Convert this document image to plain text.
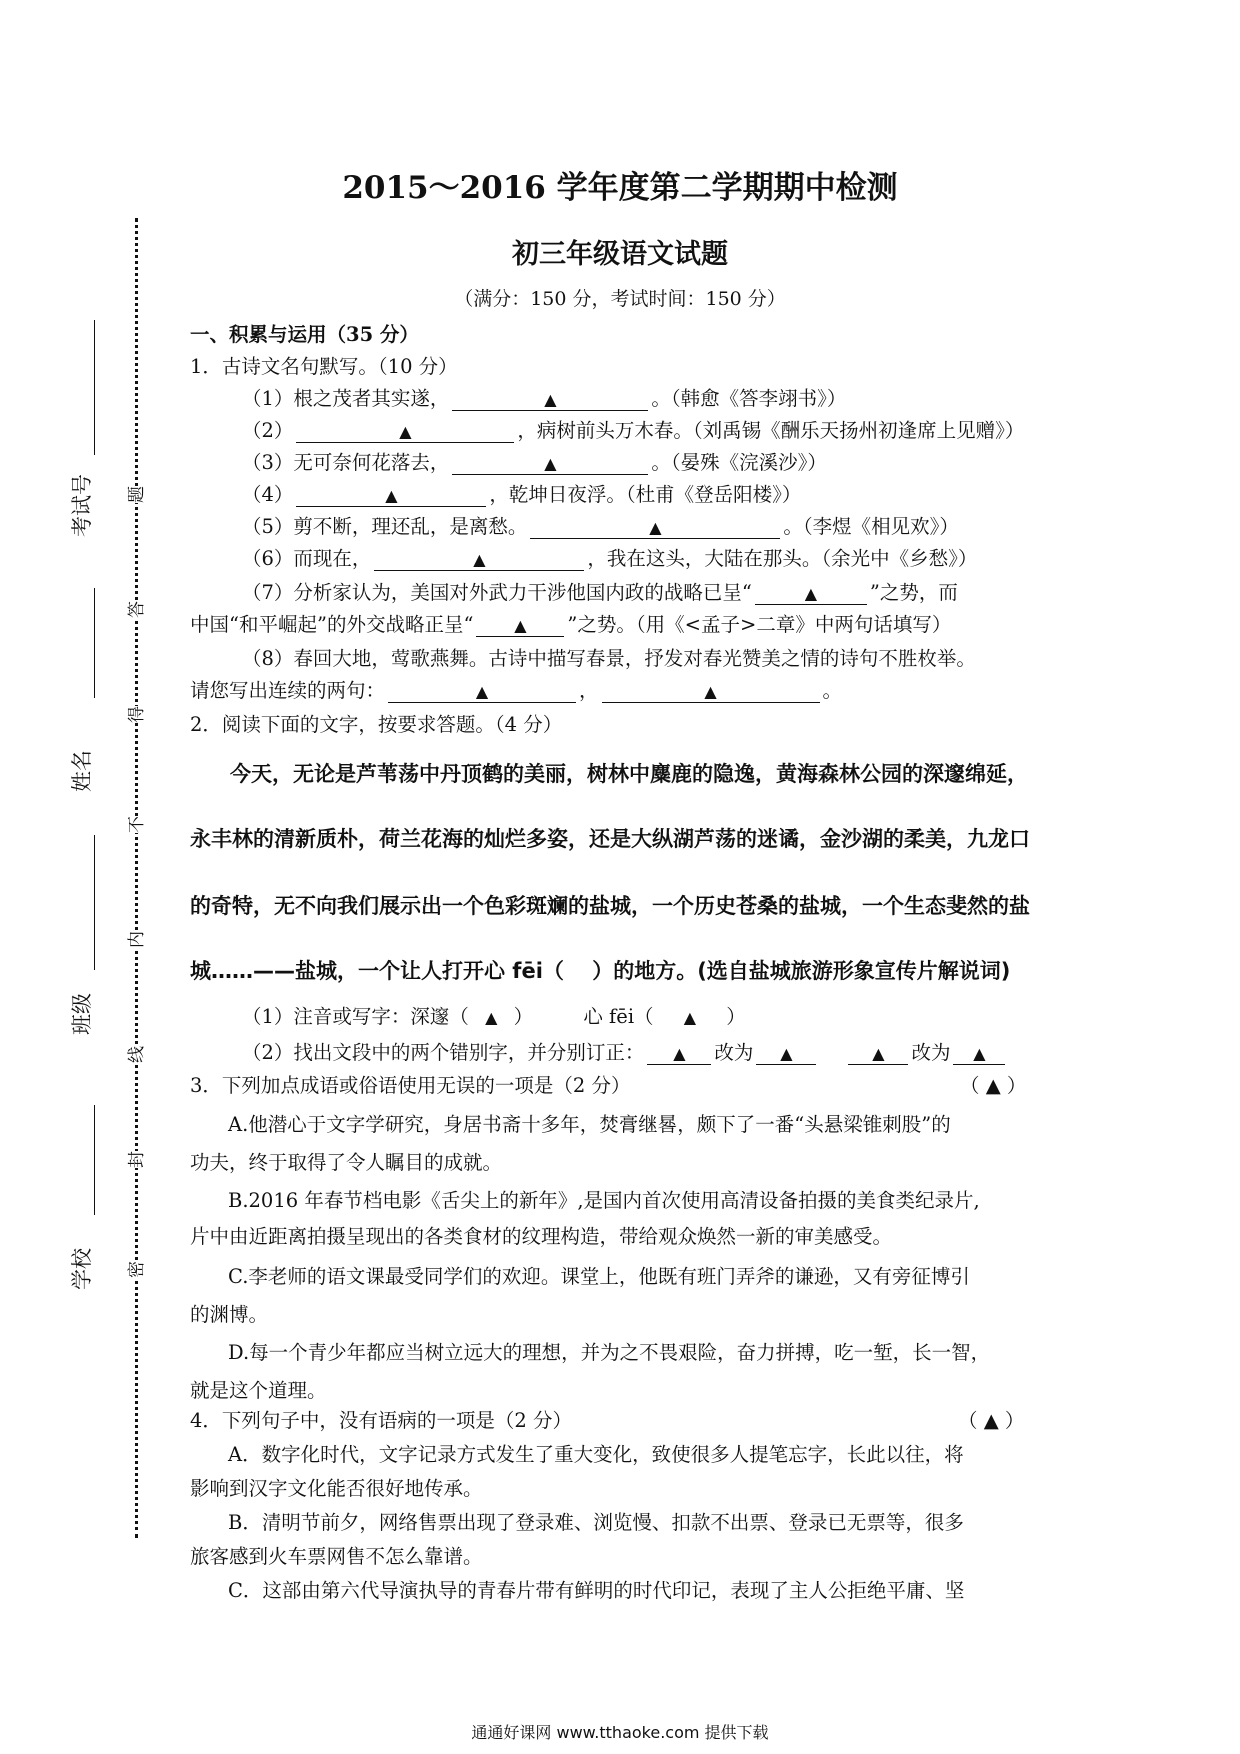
考试号
姓名
班级
学校
题
答
得
不
内
线
封
密
2015～2016 学年度第二学期期中检测
初三年级语文试题
（满分：150 分，考试时间：150 分）
一、积累与运用（35 分）
1．古诗文名句默写。（10 分）
（1）根之茂者其实遂，	▲	。（韩愈《答李翊书》）
（2）	▲	，病树前头万木春。（刘禹锡《酬乐天扬州初逢席上见赠》）
（3）无可奈何花落去，	▲	。（晏殊《浣溪沙》）
（4）	▲	，乾坤日夜浮。（杜甫《登岳阳楼》）
（5）剪不断，理还乱，是离愁。	▲	。（李煜《相见欢》）
（6）而现在，	▲	，我在这头，大陆在那头。（余光中《乡愁》）
（7）分析家认为，美国对外武力干涉他国内政的战略已呈“	▲	”之势，而
中国“和平崛起”的外交战略正呈“	▲ ”之势。（用《<孟子>二章》中两句话填写）
（8）春回大地，莺歌燕舞。古诗中描写春景，抒发对春光赞美之情的诗句不胜枚举。
请您写出连续的两句：	▲	，	▲	。
2．阅读下面的文字，按要求答题。（4 分）
今天，无论是芦苇荡中丹顶鹤的美丽，树林中麋鹿的隐逸，黄海森林公园的深邃绵延，
永丰林的清新质朴，荷兰花海的灿烂多姿，还是大纵湖芦荡的迷谲，金沙湖的柔美，九龙口
的奇特，无不向我们展示出一个色彩斑斓的盐城，一个历史苍桑的盐城，一个生态斐然的盐
城……——盐城，一个让人打开心 fēi（　 ）的地方。(选自盐城旅游形象宣传片解说词)
（1）注音或写字：深邃（ ▲ ）	心 fēi（ ▲ ）
（2）找出文段中的两个错别字，并分别订正： ▲ 改为 ▲	▲ 改为 ▲
3．下列加点成语或俗语使用无误的一项是（2 分）	（ ▲ ）
A.他潜心于文字学研究，身居书斋十多年，焚膏继晷，颇下了一番“头悬梁锥刺股”的
功夫，终于取得了令人瞩目的成就。
B.2016 年春节档电影《舌尖上的新年》,是国内首次使用高清设备拍摄的美食类纪录片,
片中由近距离拍摄呈现出的各类食材的纹理构造，带给观众焕然一新的审美感受。
C.李老师的语文课最受同学们的欢迎。课堂上，他既有班门弄斧的谦逊，又有旁征博引
的渊博。
D.每一个青少年都应当树立远大的理想，并为之不畏艰险，奋力拼搏，吃一堑，长一智，
就是这个道理。
4．下列句子中，没有语病的一项是（2 分）	（ ▲ ）
A．数字化时代，文字记录方式发生了重大变化，致使很多人提笔忘字，长此以往，将
影响到汉字文化能否很好地传承。
B．清明节前夕，网络售票出现了登录难、浏览慢、扣款不出票、登录已无票等，很多
旅客感到火车票网售不怎么靠谱。
C．这部由第六代导演执导的青春片带有鲜明的时代印记，表现了主人公拒绝平庸、坚
通通好课网 www.tthaoke.com 提供下载
